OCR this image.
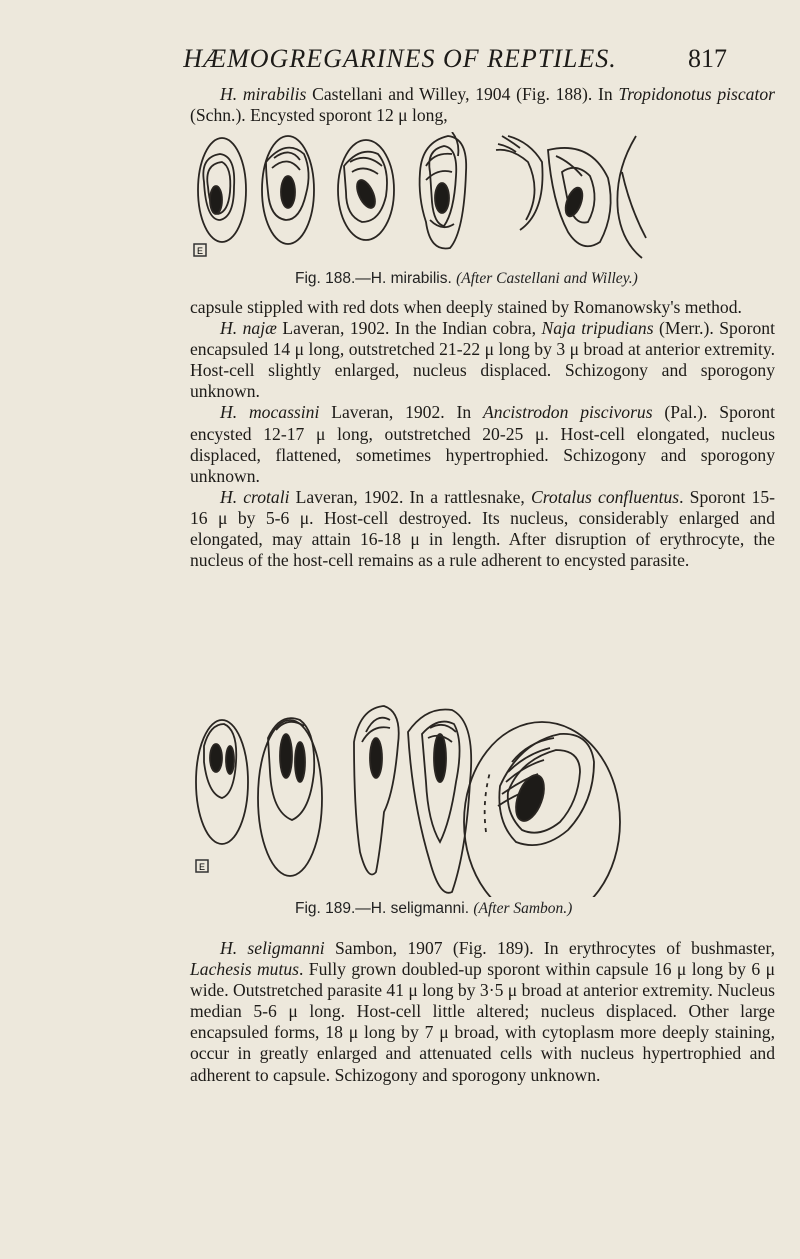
HÆMOGREGARINES OF REPTILES.	817

H. mirabilis Castellani and Willey, 1904 (Fig. 188). In Tropidonotus piscator (Schn.). Encysted sporont 12 μ long,

E
Fig. 188.—H. mirabilis. (After Castellani and Willey.)

capsule stippled with red dots when deeply stained by Romanowsky's method.

H. najæ Laveran, 1902. In the Indian cobra, Naja tripudians (Merr.). Sporont encapsuled 14 μ long, outstretched 21-22 μ long by 3 μ broad at anterior extremity. Host-cell slightly enlarged, nucleus displaced. Schizogony and sporogony unknown.

H. mocassini Laveran, 1902. In Ancistrodon piscivorus (Pal.). Sporont encysted 12-17 μ long, outstretched 20-25 μ. Host-cell elongated, nucleus displaced, flattened, sometimes hypertrophied. Schizogony and sporogony unknown.

H. crotali Laveran, 1902. In a rattlesnake, Crotalus confluentus. Sporont 15-16 μ by 5-6 μ. Host-cell destroyed. Its nucleus, considerably enlarged and elongated, may attain 16-18 μ in length. After disruption of erythrocyte, the nucleus of the host-cell remains as a rule adherent to encysted parasite.

E
Fig. 189.—H. seligmanni. (After Sambon.)

H. seligmanni Sambon, 1907 (Fig. 189). In erythrocytes of bushmaster, Lachesis mutus. Fully grown doubled-up sporont within capsule 16 μ long by 6 μ wide. Outstretched parasite 41 μ long by 3·5 μ broad at anterior extremity. Nucleus median 5-6 μ long. Host-cell little altered; nucleus displaced. Other large encapsuled forms, 18 μ long by 7 μ broad, with cytoplasm more deeply staining, occur in greatly enlarged and attenuated cells with nucleus hypertrophied and adherent to capsule. Schizogony and sporogony unknown.
